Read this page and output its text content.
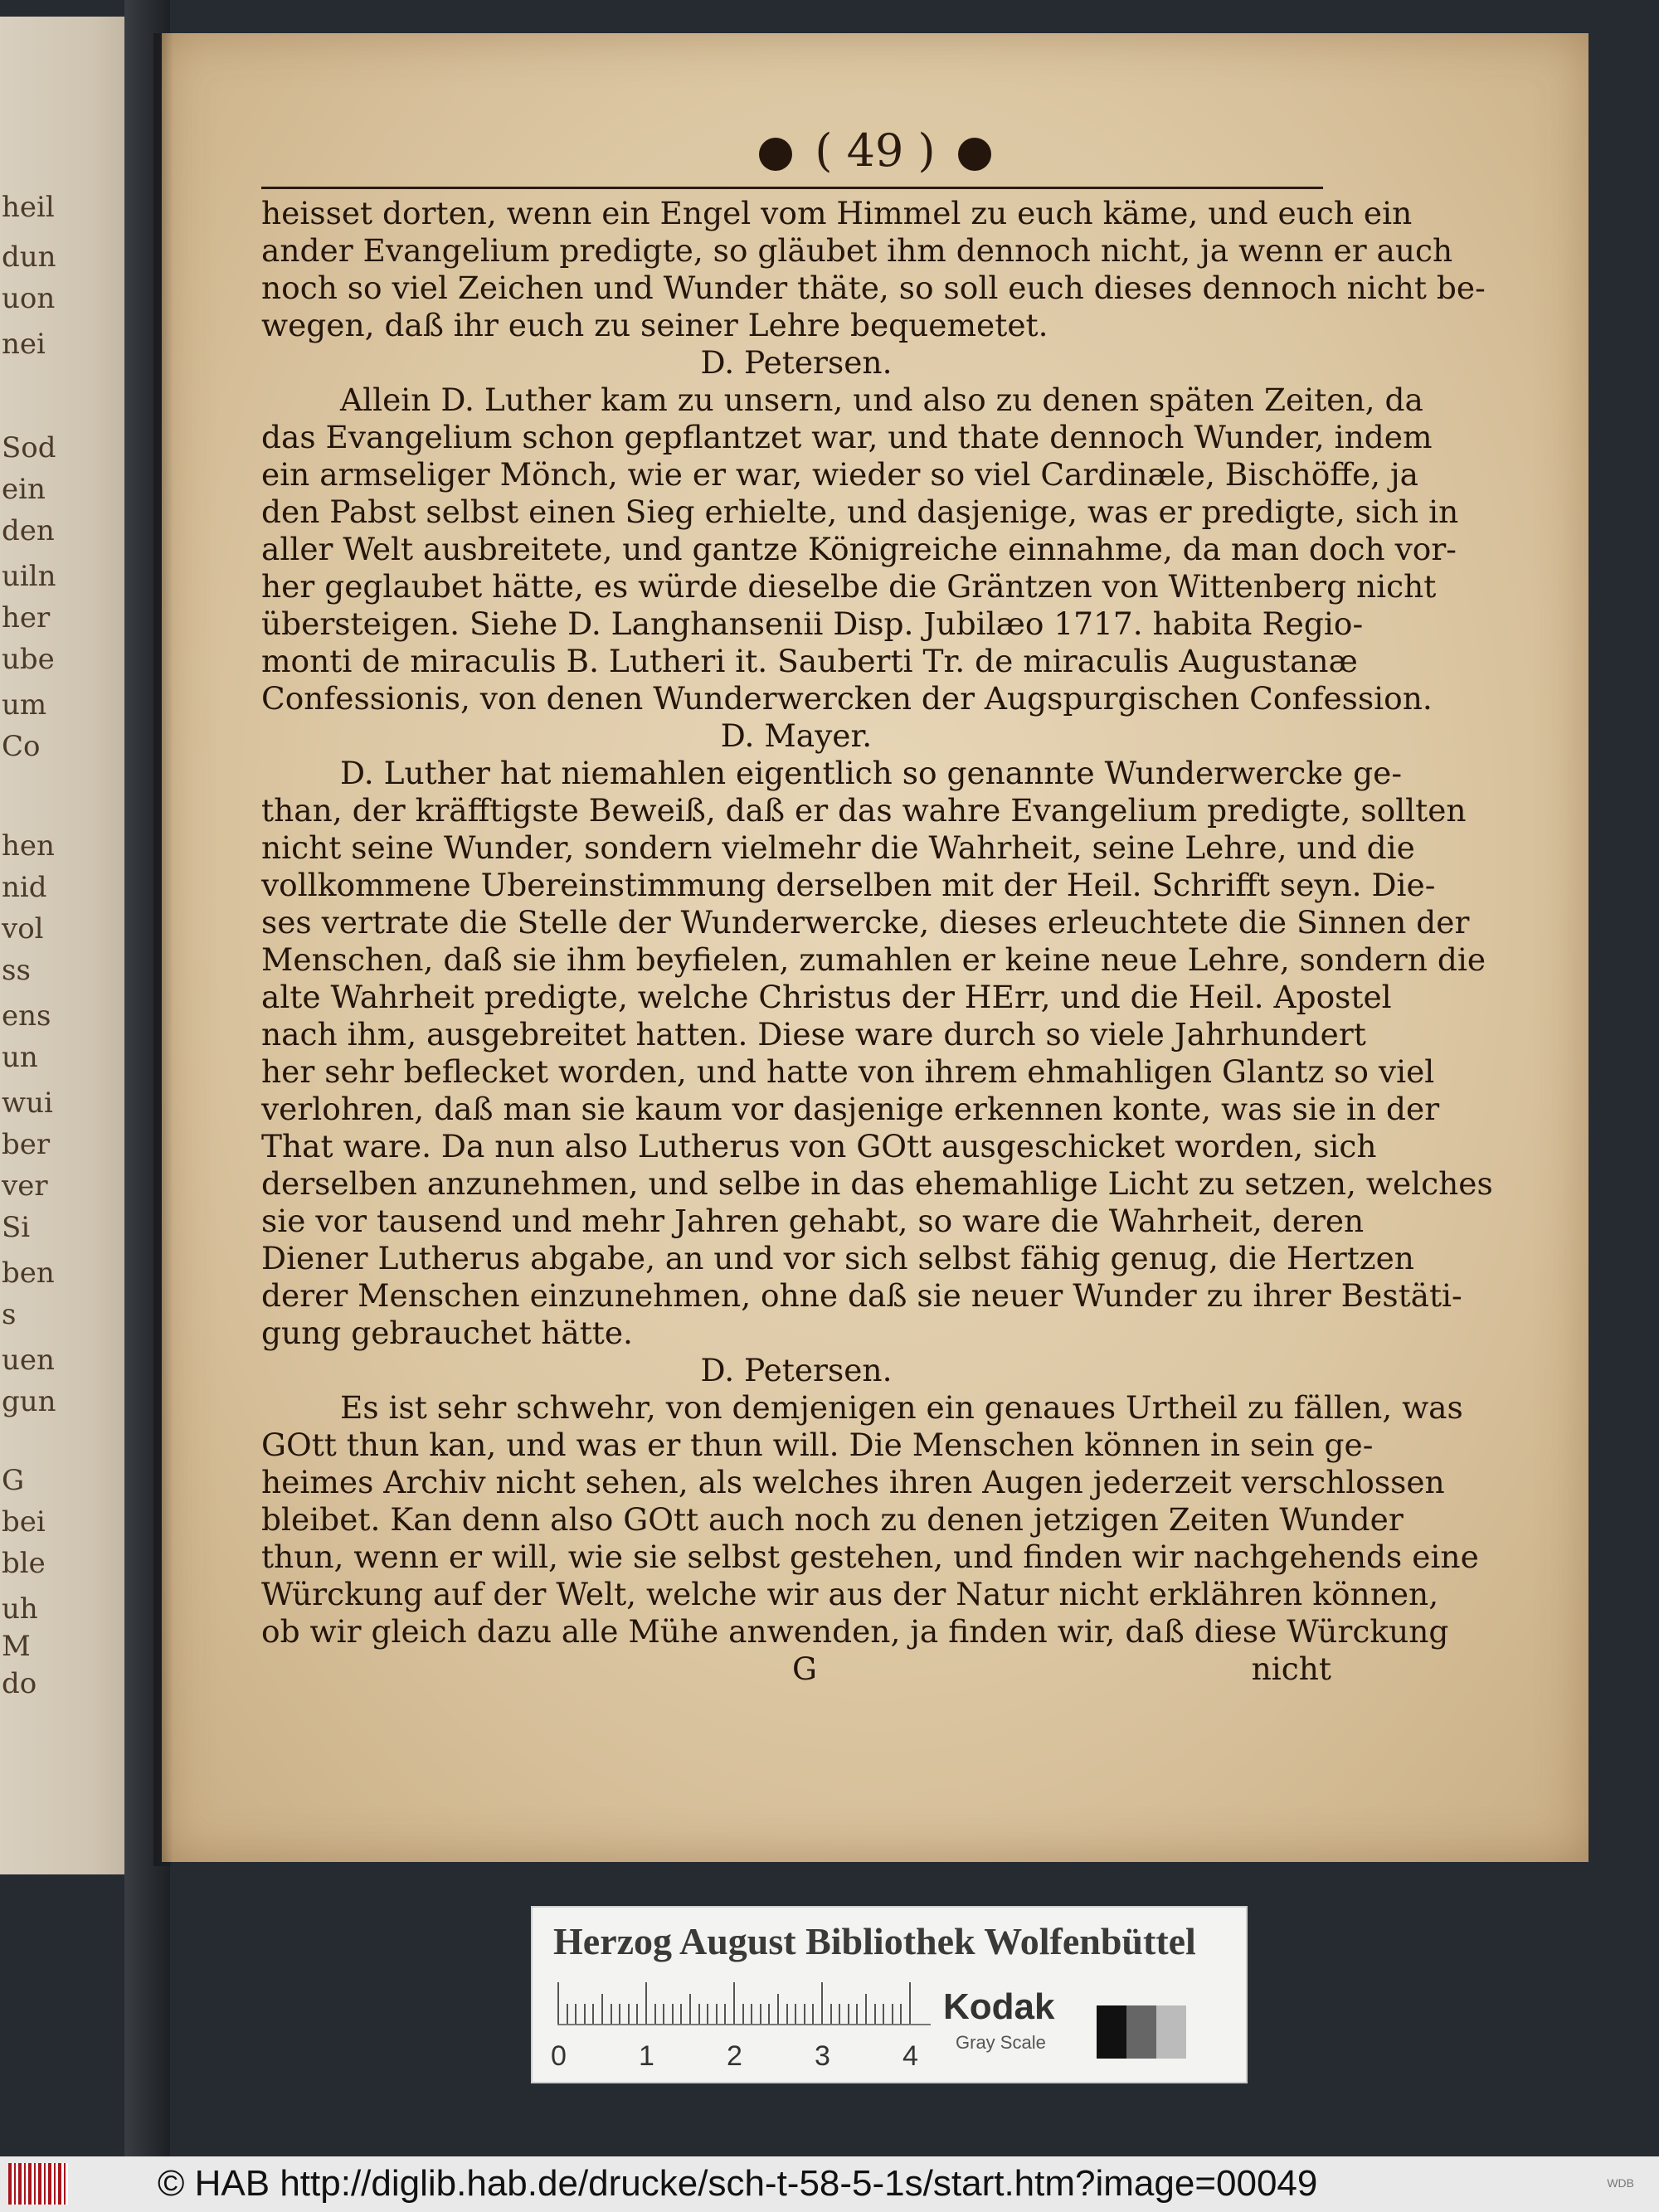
heil
dun
uon
nei
Sod
ein
den
uiln
her
ube
um
Co
hen
nid
vol
ss
ens
un
wui
ber
ver
Si
ben
s
uen
gun
G
bei
ble
uh
M
do
( 49 )
heisset dorten, wenn ein Engel vom Himmel zu euch käme, und euch ein
ander Evangelium predigte, so gläubet ihm dennoch nicht, ja wenn er auch
noch so viel Zeichen und Wunder thäte, so soll euch dieses dennoch nicht be-
wegen, daß ihr euch zu seiner Lehre bequemetet.
D. Petersen.
Allein D. Luther kam zu unsern, und also zu denen späten Zeiten, da
das Evangelium schon gepflantzet war, und thate dennoch Wunder, indem
ein armseliger Mönch, wie er war, wieder so viel Cardinæle, Bischöffe, ja
den Pabst selbst einen Sieg erhielte, und dasjenige, was er predigte, sich in
aller Welt ausbreitete, und gantze Königreiche einnahme, da man doch vor-
her geglaubet hätte, es würde dieselbe die Gräntzen von Wittenberg nicht
übersteigen. Siehe D. Langhansenii Disp. Jubilæo 1717. habita Regio-
monti de miraculis B. Lutheri it. Sauberti Tr. de miraculis Augustanæ
Confessionis, von denen Wunderwercken der Augspurgischen Confession.
D. Mayer.
D. Luther hat niemahlen eigentlich so genannte Wunderwercke ge-
than, der kräfftigste Beweiß, daß er das wahre Evangelium predigte, sollten
nicht seine Wunder, sondern vielmehr die Wahrheit, seine Lehre, und die
vollkommene Ubereinstimmung derselben mit der Heil. Schrifft seyn. Die-
ses vertrate die Stelle der Wunderwercke, dieses erleuchtete die Sinnen der
Menschen, daß sie ihm beyfielen, zumahlen er keine neue Lehre, sondern die
alte Wahrheit predigte, welche Christus der HErr, und die Heil. Apostel
nach ihm, ausgebreitet hatten. Diese ware durch so viele Jahrhundert
her sehr beflecket worden, und hatte von ihrem ehmahligen Glantz so viel
verlohren, daß man sie kaum vor dasjenige erkennen konte, was sie in der
That ware. Da nun also Lutherus von GOtt ausgeschicket worden, sich
derselben anzunehmen, und selbe in das ehemahlige Licht zu setzen, welches
sie vor tausend und mehr Jahren gehabt, so ware die Wahrheit, deren
Diener Lutherus abgabe, an und vor sich selbst fähig genug, die Hertzen
derer Menschen einzunehmen, ohne daß sie neuer Wunder zu ihrer Bestäti-
gung gebrauchet hätte.
D. Petersen.
Es ist sehr schwehr, von demjenigen ein genaues Urtheil zu fällen, was
GOtt thun kan, und was er thun will. Die Menschen können in sein ge-
heimes Archiv nicht sehen, als welches ihren Augen jederzeit verschlossen
bleibet. Kan denn also GOtt auch noch zu denen jetzigen Zeiten Wunder
thun, wenn er will, wie sie selbst gestehen, und finden wir nachgehends eine
Würckung auf der Welt, welche wir aus der Natur nicht erklähren können,
ob wir gleich dazu alle Mühe anwenden, ja finden wir, daß diese Würckung
G	nicht
Herzog August Bibliothek Wolfenbüttel
0	1	2	3	4
Kodak
Gray Scale
© HAB http://diglib.hab.de/drucke/sch-t-58-5-1s/start.htm?image=00049	WDB
